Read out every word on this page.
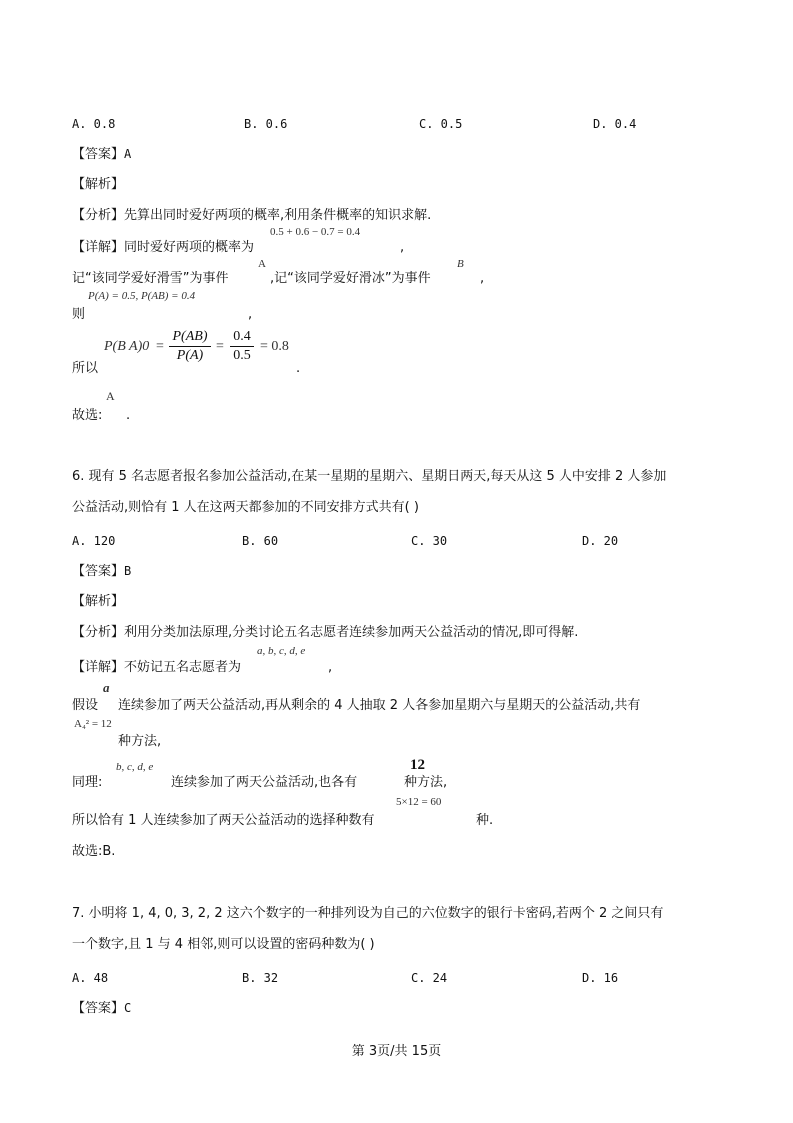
A. 0.8	B. 0.6	C. 0.5	D. 0.4
【答案】A
【解析】
【分析】先算出同时爱好两项的概率,利用条件概率的知识求解.
【详解】同时爱好两项的概率为
0.5 + 0.6 − 0.7 = 0.4
,
A	B
记“该同学爱好滑雪”为事件	,记“该同学爱好滑冰”为事件	,
P(A) = 0.5, P(AB) = 0.4
则	,
P(B A)0 =
P(AB)
P(A)
=
0.4
0.5
= 0.8
所以	.
A
故选: .
6. 现有 5 名志愿者报名参加公益活动,在某一星期的星期六、星期日两天,每天从这 5 人中安排 2 人参加
公益活动,则恰有 1 人在这两天都参加的不同安排方式共有( )
A. 120	B. 60	C. 30	D. 20
【答案】B
【解析】
【分析】利用分类加法原理,分类讨论五名志愿者连续参加两天公益活动的情况,即可得解.
a, b, c, d, e
【详解】不妨记五名志愿者为	,
a
假设 连续参加了两天公益活动,再从剩余的 4 人抽取 2 人各参加星期六与星期天的公益活动,共有
A₄² = 12
种方法,
b, c, d, e	12
同理:	连续参加了两天公益活动,也各有	种方法,
5×12 = 60
所以恰有 1 人连续参加了两天公益活动的选择种数有	种.
故选:B.
7. 小明将 1, 4, 0, 3, 2, 2 这六个数字的一种排列设为自己的六位数字的银行卡密码,若两个 2 之间只有
一个数字,且 1 与 4 相邻,则可以设置的密码种数为( )
A. 48	B. 32	C. 24	D. 16
【答案】C
第 3页/共 15页
